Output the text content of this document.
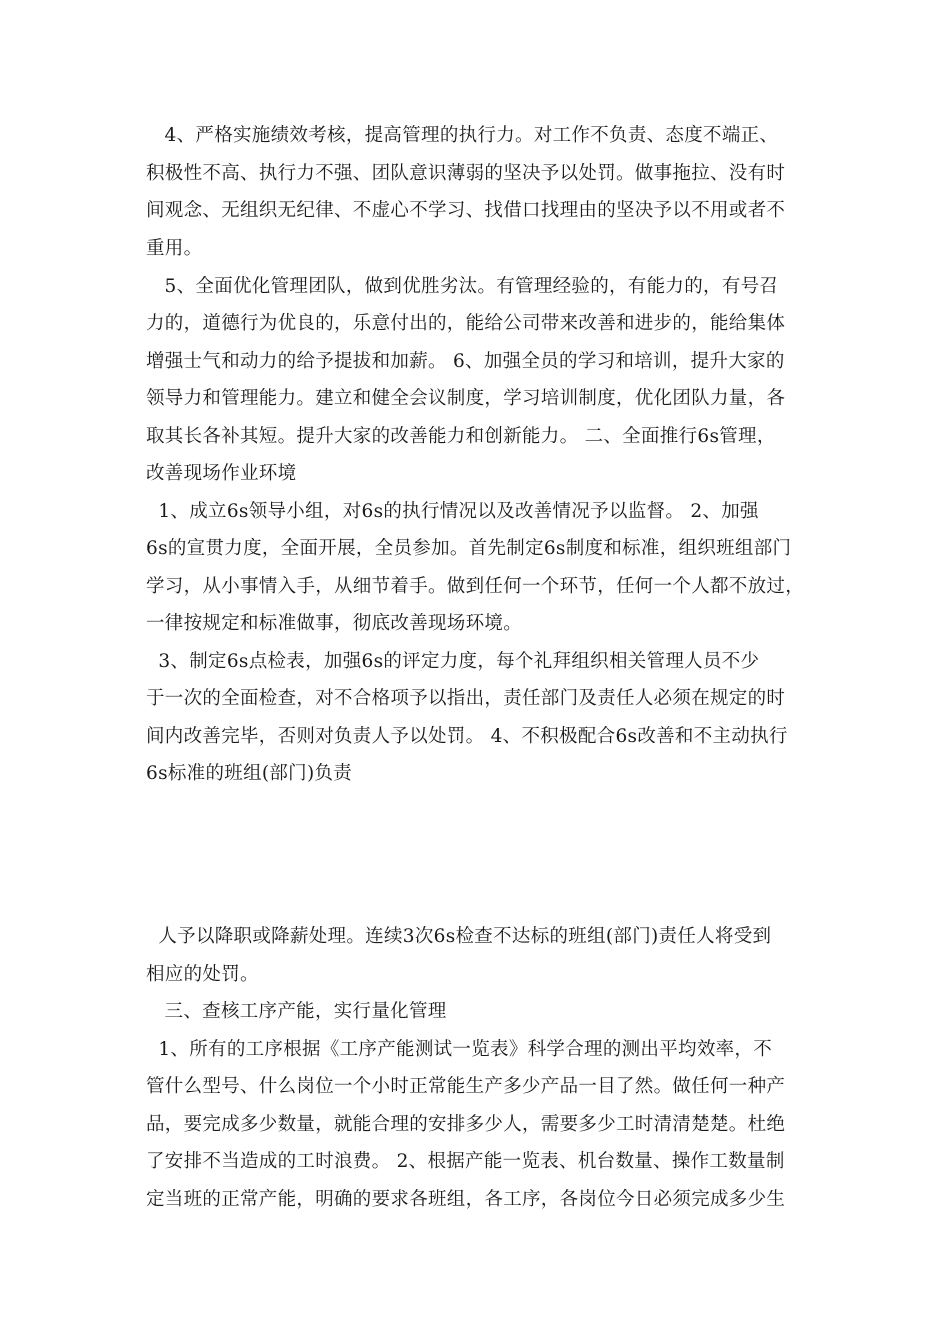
4、严格实施绩效考核，提高管理的执行力。对工作不负责、态度不端正、
积极性不高、执行力不强、团队意识薄弱的坚决予以处罚。做事拖拉、没有时
间观念、无组织无纪律、不虚心不学习、找借口找理由的坚决予以不用或者不
重用。
5、全面优化管理团队，做到优胜劣汰。有管理经验的，有能力的，有号召
力的，道德行为优良的，乐意付出的，能给公司带来改善和进步的，能给集体
增强士气和动力的给予提拔和加薪。 6、加强全员的学习和培训，提升大家的
领导力和管理能力。建立和健全会议制度，学习培训制度，优化团队力量，各
取其长各补其短。提升大家的改善能力和创新能力。 二、全面推行6s管理，
改善现场作业环境
1、成立6s领导小组，对6s的执行情况以及改善情况予以监督。 2、加强
6s的宣贯力度，全面开展，全员参加。首先制定6s制度和标准，组织班组部门
学习，从小事情入手，从细节着手。做到任何一个环节，任何一个人都不放过，
一律按规定和标准做事，彻底改善现场环境。
3、制定6s点检表，加强6s的评定力度，每个礼拜组织相关管理人员不少
于一次的全面检查，对不合格项予以指出，责任部门及责任人必须在规定的时
间内改善完毕，否则对负责人予以处罚。 4、不积极配合6s改善和不主动执行
6s标准的班组(部门)负责
人予以降职或降薪处理。连续3次6s检查不达标的班组(部门)责任人将受到
相应的处罚。
三、查核工序产能，实行量化管理
1、所有的工序根据《工序产能测试一览表》科学合理的测出平均效率，不
管什么型号、什么岗位一个小时正常能生产多少产品一目了然。做任何一种产
品，要完成多少数量，就能合理的安排多少人，需要多少工时清清楚楚。杜绝
了安排不当造成的工时浪费。 2、根据产能一览表、机台数量、操作工数量制
定当班的正常产能，明确的要求各班组，各工序，各岗位今日必须完成多少生
